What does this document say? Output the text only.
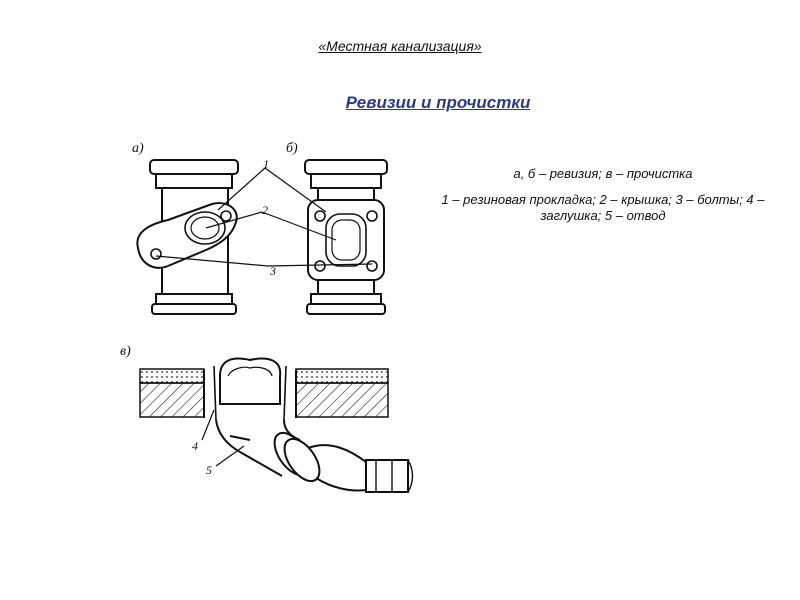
«Местная канализация»
Ревизии и прочистки

а, б – ревизия; в – прочистка

1 – резиновая прокладка; 2 – крышка; 3 – болты; 4 – заглушка; 5 – отвод

а)	б)
1
2
3
в)
4
5
